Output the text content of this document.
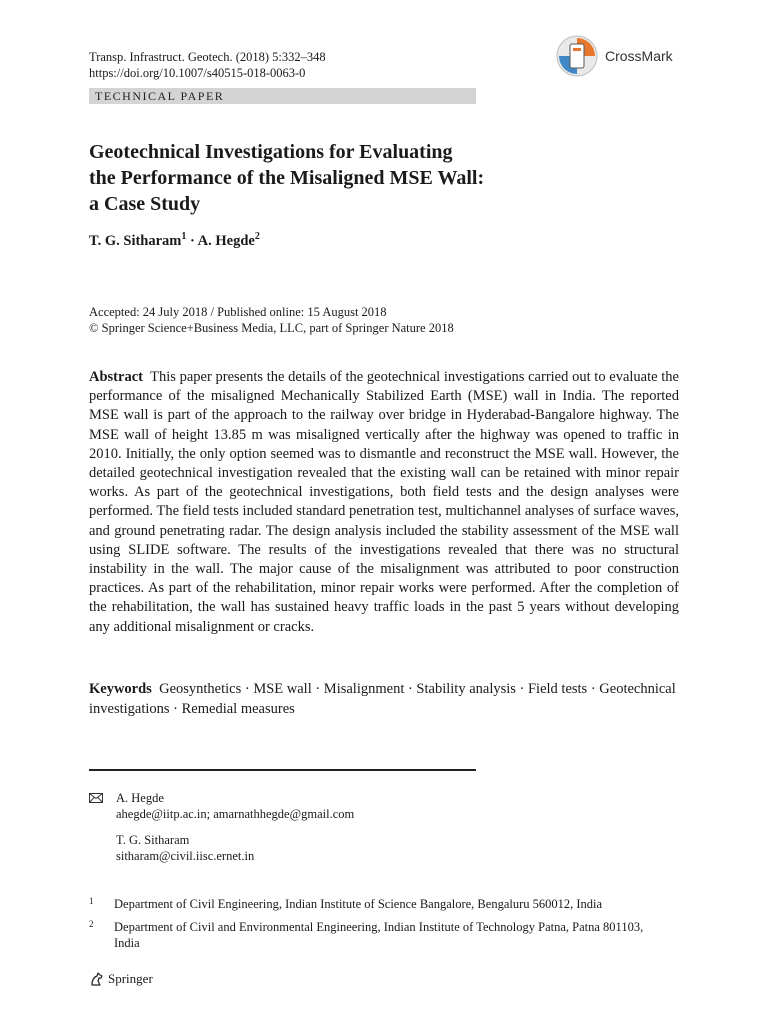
Transp. Infrastruct. Geotech. (2018) 5:332–348
https://doi.org/10.1007/s40515-018-0063-0
CrossMark
TECHNICAL PAPER
Geotechnical Investigations for Evaluating
the Performance of the Misaligned MSE Wall:
a Case Study
T. G. Sitharam$^1$ · A. Hegde$^2$
Accepted: 24 July 2018 / Published online: 15 August 2018
© Springer Science+Business Media, LLC, part of Springer Nature 2018
Abstract This paper presents the details of the geotechnical investigations carried out to evaluate the performance of the misaligned Mechanically Stabilized Earth (MSE) wall in India. The reported MSE wall is part of the approach to the railway over bridge in Hyderabad-Bangalore highway. The MSE wall of height 13.85 m was misaligned vertically after the highway was opened to traffic in 2010. Initially, the only option seemed was to dismantle and reconstruct the MSE wall. However, the detailed geotechnical investigation revealed that the existing wall can be retained with minor repair works. As part of the geotechnical investigations, both field tests and the design analyses were performed. The field tests included standard penetration test, multichannel analyses of surface waves, and ground penetrating radar. The design analysis included the stability assessment of the MSE wall using SLIDE software. The results of the investigations revealed that there was no structural instability in the wall. The major cause of the misalignment was attributed to poor construction practices. As part of the rehabilitation, minor repair works were performed. After the completion of the rehabilitation, the wall has sustained heavy traffic loads in the past 5 years without developing any additional misalignment or cracks.
Keywords Geosynthetics · MSE wall · Misalignment · Stability analysis · Field tests · Geotechnical investigations · Remedial measures
A. Hegde
ahegde@iitp.ac.in; amarnathhegde@gmail.com
T. G. Sitharam
sitharam@civil.iisc.ernet.in
1 Department of Civil Engineering, Indian Institute of Science Bangalore, Bengaluru 560012, India
2 Department of Civil and Environmental Engineering, Indian Institute of Technology Patna, Patna 801103, India
Springer
